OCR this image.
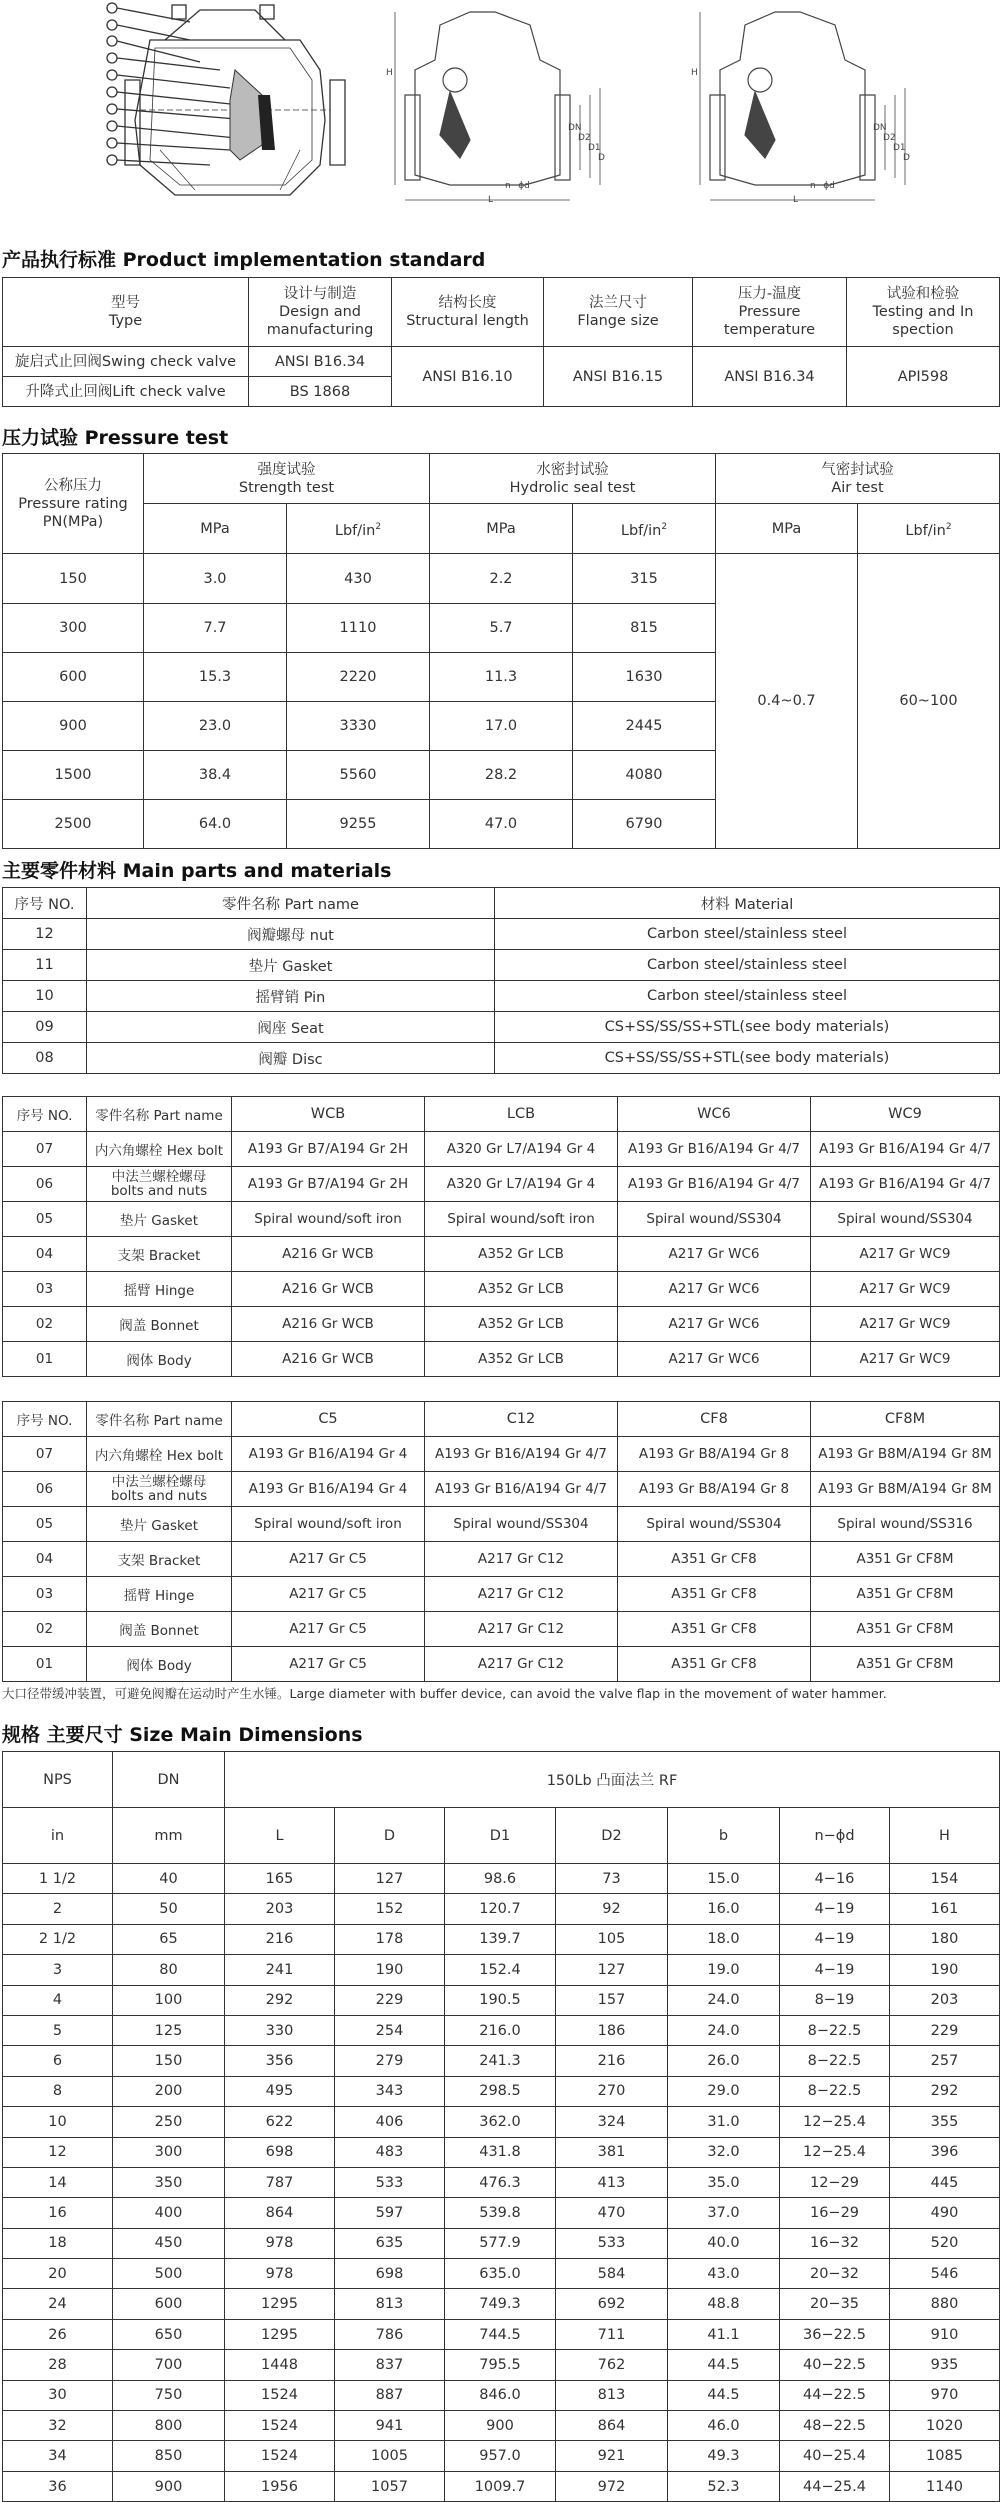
H
L
n−ϕd
DN
D2
D1
D
H
L
n−ϕd
DN
D2
D1
D
产品执行标准 Product implementation standard
型号
Type	设计与制造
Design and
manufacturing	结构长度
Structural length	法兰尺寸
Flange size	压力-温度
Pressure
temperature	试验和检验
Testing and In
spection
旋启式止回阀Swing check valve	ANSI B16.34	ANSI B16.10	ANSI B16.15	ANSI B16.34	API598
升降式止回阀Lift check valve	BS 1868				
压力试验 Pressure test
公称压力
Pressure rating
PN(MPa)	强度试验
Strength test		水密封试验
Hydrolic seal test		气密封试验
Air test	
	MPa	Lbf/$in^2$	MPa	Lbf/$in^2$	MPa	Lbf/$in^2$
150	3.0	430	2.2	315	0.4~0.7	60~100
300	7.7	1110	5.7	815		
600	15.3	2220	11.3	1630		
900	23.0	3330	17.0	2445		
1500	38.4	5560	28.2	4080		
2500	64.0	9255	47.0	6790		
主要零件材料 Main parts and materials
序号 NO.	零件名称 Part name	材料 Material
12	阀瓣螺母 nut	Carbon steel/stainless steel
11	垫片 Gasket	Carbon steel/stainless steel
10	摇臂销 Pin	Carbon steel/stainless steel
09	阀座 Seat	CS+SS/SS/SS+STL(see body materials)
08	阀瓣 Disc	CS+SS/SS/SS+STL(see body materials)
序号 NO.	零件名称 Part name	WCB	LCB	WC6	WC9
07	内六角螺栓 Hex bolt	A193 Gr B7/A194 Gr 2H	A320 Gr L7/A194 Gr 4	A193 Gr B16/A194 Gr 4/7	A193 Gr B16/A194 Gr 4/7
06	中法兰螺栓螺母
bolts and nuts	A193 Gr B7/A194 Gr 2H	A320 Gr L7/A194 Gr 4	A193 Gr B16/A194 Gr 4/7	A193 Gr B16/A194 Gr 4/7
05	垫片 Gasket	Spiral wound/soft iron	Spiral wound/soft iron	Spiral wound/SS304	Spiral wound/SS304
04	支架 Bracket	A216 Gr WCB	A352 Gr LCB	A217 Gr WC6	A217 Gr WC9
03	摇臂 Hinge	A216 Gr WCB	A352 Gr LCB	A217 Gr WC6	A217 Gr WC9
02	阀盖 Bonnet	A216 Gr WCB	A352 Gr LCB	A217 Gr WC6	A217 Gr WC9
01	阀体 Body	A216 Gr WCB	A352 Gr LCB	A217 Gr WC6	A217 Gr WC9
序号 NO.	零件名称 Part name	C5	C12	CF8	CF8M
07	内六角螺栓 Hex bolt	A193 Gr B16/A194 Gr 4	A193 Gr B16/A194 Gr 4/7	A193 Gr B8/A194 Gr 8	A193 Gr B8M/A194 Gr 8M
06	中法兰螺栓螺母
bolts and nuts	A193 Gr B16/A194 Gr 4	A193 Gr B16/A194 Gr 4/7	A193 Gr B8/A194 Gr 8	A193 Gr B8M/A194 Gr 8M
05	垫片 Gasket	Spiral wound/soft iron	Spiral wound/SS304	Spiral wound/SS304	Spiral wound/SS316
04	支架 Bracket	A217 Gr C5	A217 Gr C12	A351 Gr CF8	A351 Gr CF8M
03	摇臂 Hinge	A217 Gr C5	A217 Gr C12	A351 Gr CF8	A351 Gr CF8M
02	阀盖 Bonnet	A217 Gr C5	A217 Gr C12	A351 Gr CF8	A351 Gr CF8M
01	阀体 Body	A217 Gr C5	A217 Gr C12	A351 Gr CF8	A351 Gr CF8M
大口径带缓冲装置，可避免阀瓣在运动时产生水锤。Large diameter with buffer device, can avoid the valve flap in the movement of water hammer.
规格 主要尺寸 Size Main Dimensions
NPS	DN	150Lb 凸面法兰 RF						
in	mm	L	D	D1	D2	b	n−ϕd	H
1 1/2	40	165	127	98.6	73	15.0	4−16	154
2	50	203	152	120.7	92	16.0	4−19	161
2 1/2	65	216	178	139.7	105	18.0	4−19	180
3	80	241	190	152.4	127	19.0	4−19	190
4	100	292	229	190.5	157	24.0	8−19	203
5	125	330	254	216.0	186	24.0	8−22.5	229
6	150	356	279	241.3	216	26.0	8−22.5	257
8	200	495	343	298.5	270	29.0	8−22.5	292
10	250	622	406	362.0	324	31.0	12−25.4	355
12	300	698	483	431.8	381	32.0	12−25.4	396
14	350	787	533	476.3	413	35.0	12−29	445
16	400	864	597	539.8	470	37.0	16−29	490
18	450	978	635	577.9	533	40.0	16−32	520
20	500	978	698	635.0	584	43.0	20−32	546
24	600	1295	813	749.3	692	48.8	20−35	880
26	650	1295	786	744.5	711	41.1	36−22.5	910
28	700	1448	837	795.5	762	44.5	40−22.5	935
30	750	1524	887	846.0	813	44.5	44−22.5	970
32	800	1524	941	900	864	46.0	48−22.5	1020
34	850	1524	1005	957.0	921	49.3	40−25.4	1085
36	900	1956	1057	1009.7	972	52.3	44−25.4	1140
